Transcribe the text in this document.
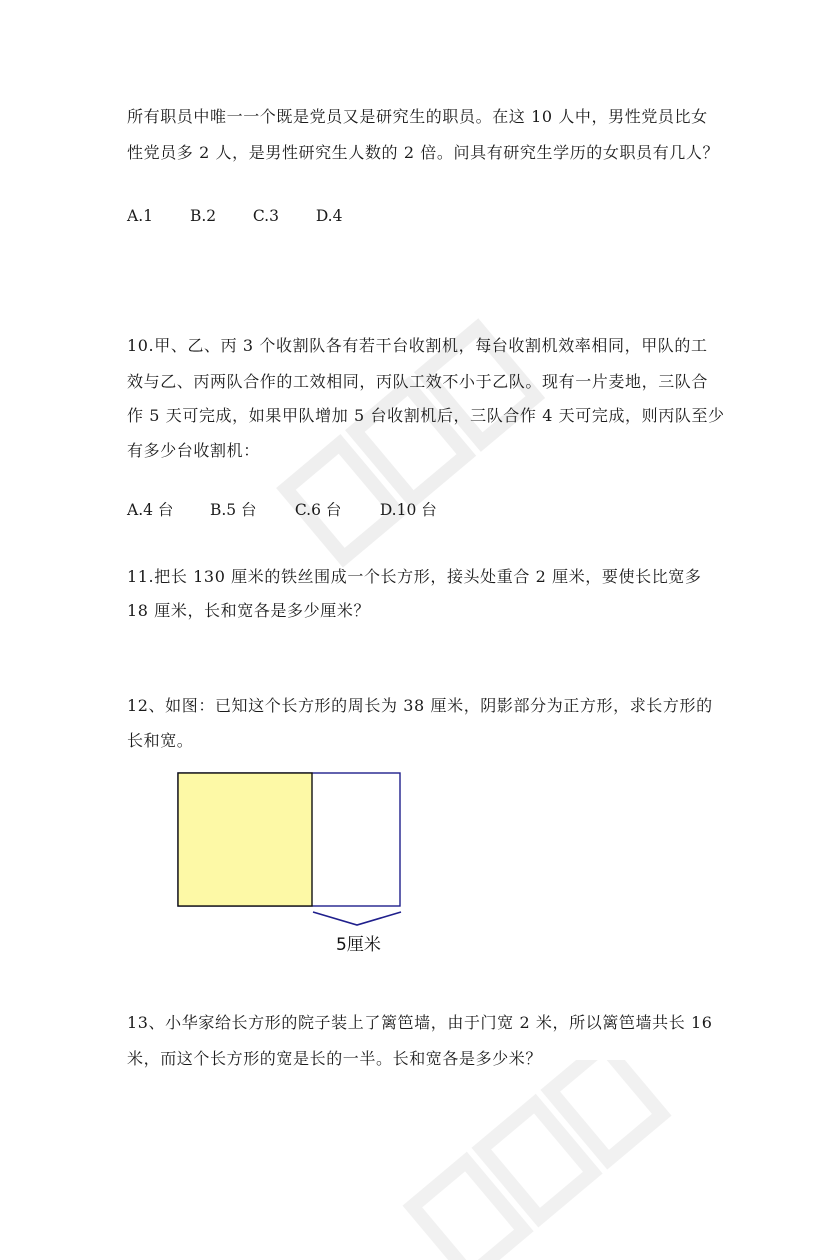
所有职员中唯一一个既是党员又是研究生的职员。在这 10 人中，男性党员比女
性党员多 2 人，是男性研究生人数的 2 倍。问具有研究生学历的女职员有几人？
A.1 B.2 C.3 D.4
10.甲、乙、丙 3 个收割队各有若干台收割机，每台收割机效率相同，甲队的工
效与乙、丙两队合作的工效相同，丙队工效不小于乙队。现有一片麦地，三队合
作 5 天可完成，如果甲队增加 5 台收割机后，三队合作 4 天可完成，则丙队至少
有多少台收割机：
A.4 台 B.5 台 C.6 台 D.10 台
11.把长 130 厘米的铁丝围成一个长方形，接头处重合 2 厘米，要使长比宽多
18 厘米，长和宽各是多少厘米？
12、如图：已知这个长方形的周长为 38 厘米，阴影部分为正方形，求长方形的
长和宽。
5厘米
13、小华家给长方形的院子装上了篱笆墙，由于门宽 2 米，所以篱笆墙共长 16
米，而这个长方形的宽是长的一半。长和宽各是多少米？
